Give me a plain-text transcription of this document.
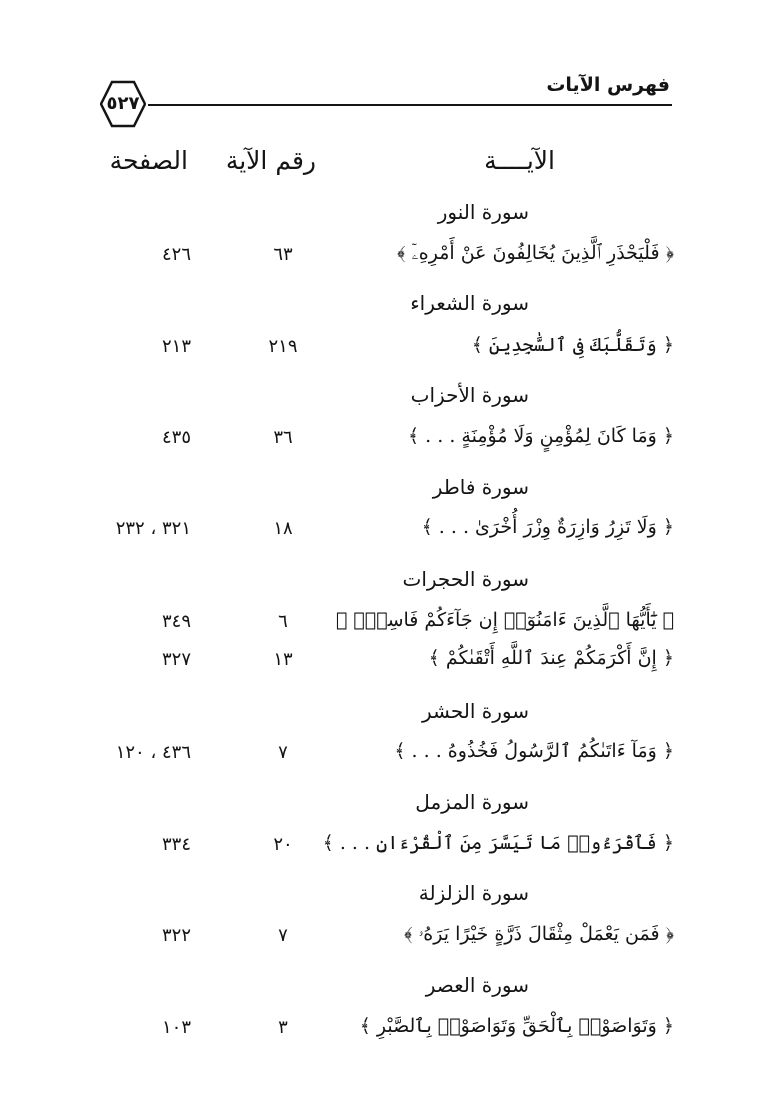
فهرس الآيات
٥٢٧
الآيــــة
رقم الآية
الصفحة
سورة النور
﴿ فَلْيَحْذَرِ ٱلَّذِينَ يُخَالِفُونَ عَنْ أَمْرِهِۦٓ ﴾
٦٣
٤٢٦
سورة الشعراء
﴿ وَتَقَلُّبَكَ فِى ٱلسَّٰجِدِينَ ﴾
٢١٩
٢١٣
سورة الأحزاب
﴿ وَمَا كَانَ لِمُؤْمِنٍ وَلَا مُؤْمِنَةٍ . . . ﴾
٣٦
٤٣٥
سورة فاطر
﴿ وَلَا تَزِرُ وَازِرَةٌ وِزْرَ أُخْرَىٰ . . . ﴾
١٨
٣٢١ ، ٢٣٢
سورة الحجرات
﴿ يَٰٓأَيُّهَا ٱلَّذِينَ ءَامَنُوٓا۟ إِن جَآءَكُمْ فَاسِقٌۢ ﴾
٦
٣٤٩
﴿ إِنَّ أَكْرَمَكُمْ عِندَ ٱللَّهِ أَتْقَىٰكُمْ ﴾
١٣
٣٢٧
سورة الحشر
﴿ وَمَآ ءَاتَىٰكُمُ ٱلرَّسُولُ فَخُذُوهُ . . . ﴾
٧
٤٣٦ ، ١٢٠
سورة المزمل
﴿ فَٱقْرَءُوا۟ مَا تَيَسَّرَ مِنَ ٱلْقُرْءَانِ . . . ﴾
٢٠
٣٣٤
سورة الزلزلة
﴿ فَمَن يَعْمَلْ مِثْقَالَ ذَرَّةٍ خَيْرًا يَرَهُۥ ﴾
٧
٣٢٢
سورة العصر
﴿ وَتَوَاصَوْا۟ بِٱلْحَقِّ وَتَوَاصَوْا۟ بِٱلصَّبْرِ ﴾
٣
١٠٣
